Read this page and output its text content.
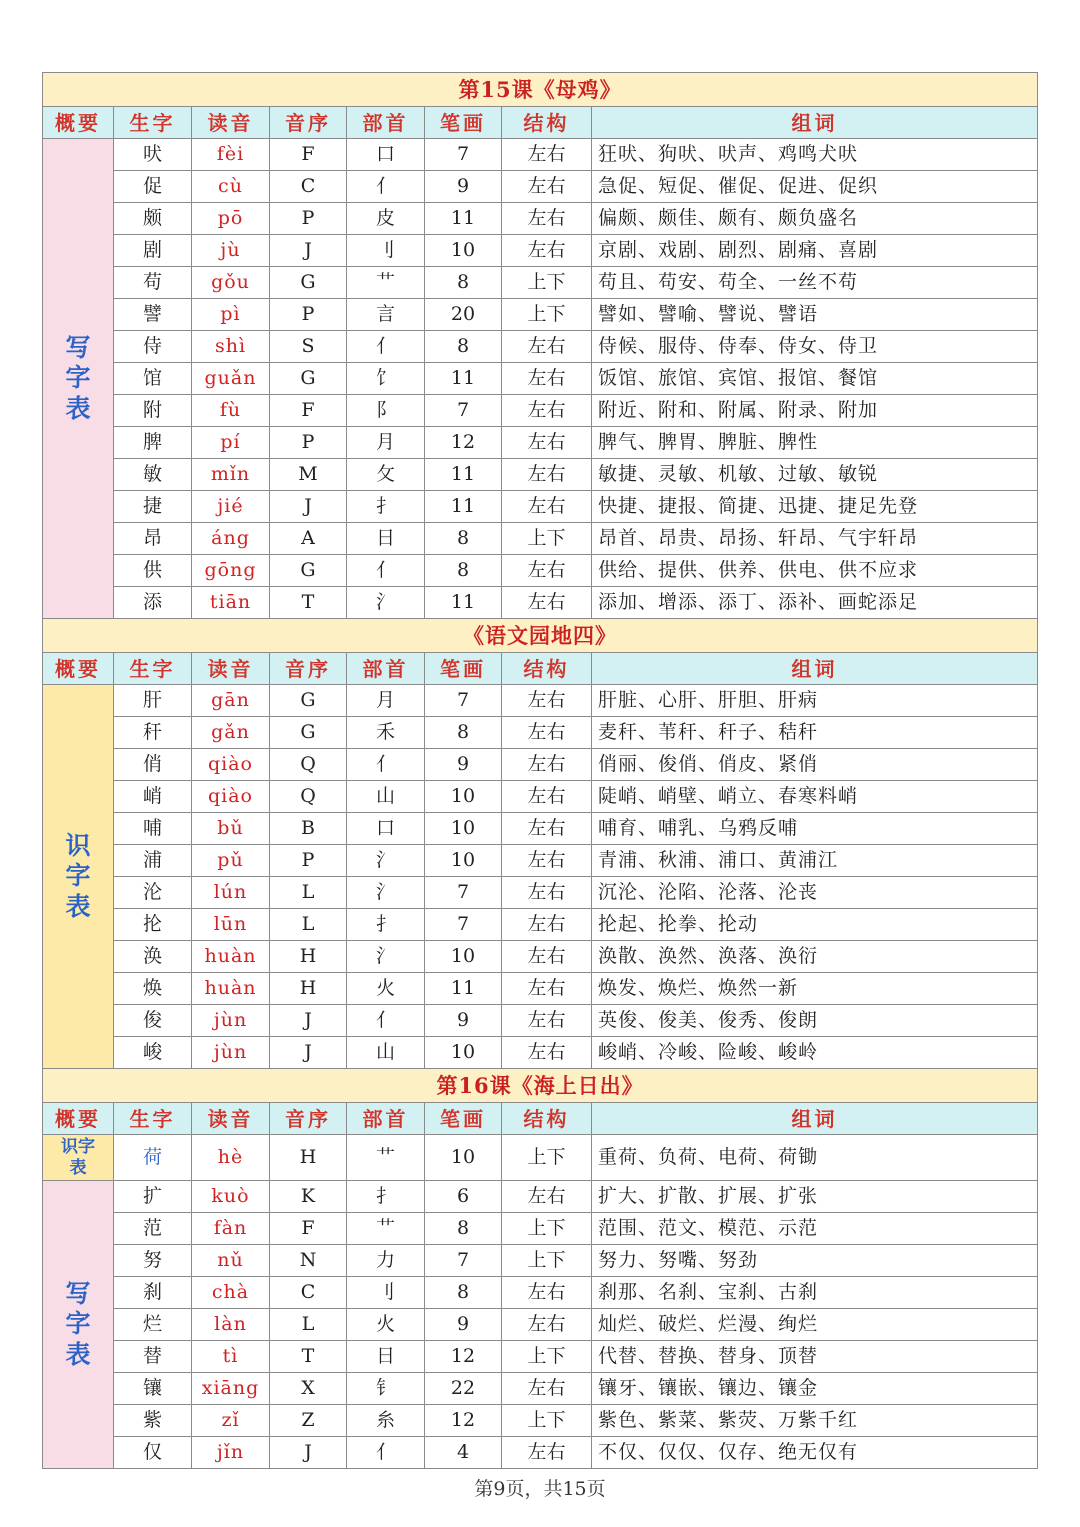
第15课《母鸡》							
概要	生字	读音	音序	部首	笔画	结构	组词
写字表	吠	fèi	F	口	7	左右	狂吠、狗吠、吠声、鸡鸣犬吠
	促	cù	C	亻	9	左右	急促、短促、催促、促进、促织
	颇	pō	P	皮	11	左右	偏颇、颇佳、颇有、颇负盛名
	剧	jù	J	刂	10	左右	京剧、戏剧、剧烈、剧痛、喜剧
	苟	gǒu	G	艹	8	上下	苟且、苟安、苟全、一丝不苟
	譬	pì	P	言	20	上下	譬如、譬喻、譬说、譬语
	侍	shì	S	亻	8	左右	侍候、服侍、侍奉、侍女、侍卫
	馆	guǎn	G	饣	11	左右	饭馆、旅馆、宾馆、报馆、餐馆
	附	fù	F	阝	7	左右	附近、附和、附属、附录、附加
	脾	pí	P	月	12	左右	脾气、脾胃、脾脏、脾性
	敏	mǐn	M	攵	11	左右	敏捷、灵敏、机敏、过敏、敏锐
	捷	jié	J	扌	11	左右	快捷、捷报、简捷、迅捷、捷足先登
	昂	áng	A	日	8	上下	昂首、昂贵、昂扬、轩昂、气宇轩昂
	供	gōng	G	亻	8	左右	供给、提供、供养、供电、供不应求
	添	tiān	T	氵	11	左右	添加、增添、添丁、添补、画蛇添足
《语文园地四》							
概要	生字	读音	音序	部首	笔画	结构	组词
识字表	肝	gān	G	月	7	左右	肝脏、心肝、肝胆、肝病
	秆	gǎn	G	禾	8	左右	麦秆、苇秆、秆子、秸秆
	俏	qiào	Q	亻	9	左右	俏丽、俊俏、俏皮、紧俏
	峭	qiào	Q	山	10	左右	陡峭、峭壁、峭立、春寒料峭
	哺	bǔ	B	口	10	左右	哺育、哺乳、乌鸦反哺
	浦	pǔ	P	氵	10	左右	青浦、秋浦、浦口、黄浦江
	沦	lún	L	氵	7	左右	沉沦、沦陷、沦落、沦丧
	抡	lūn	L	扌	7	左右	抡起、抡拳、抡动
	涣	huàn	H	氵	10	左右	涣散、涣然、涣落、涣衍
	焕	huàn	H	火	11	左右	焕发、焕烂、焕然一新
	俊	jùn	J	亻	9	左右	英俊、俊美、俊秀、俊朗
	峻	jùn	J	山	10	左右	峻峭、冷峻、险峻、峻岭
第16课《海上日出》							
概要	生字	读音	音序	部首	笔画	结构	组词
识字表	荷	hè	H	艹	10	上下	重荷、负荷、电荷、荷锄
写字表	扩	kuò	K	扌	6	左右	扩大、扩散、扩展、扩张
	范	fàn	F	艹	8	上下	范围、范文、模范、示范
	努	nǔ	N	力	7	上下	努力、努嘴、努劲
	刹	chà	C	刂	8	左右	刹那、名刹、宝刹、古刹
	烂	làn	L	火	9	左右	灿烂、破烂、烂漫、绚烂
	替	tì	T	日	12	上下	代替、替换、替身、顶替
	镶	xiāng	X	钅	22	左右	镶牙、镶嵌、镶边、镶金
	紫	zǐ	Z	糸	12	上下	紫色、紫菜、紫荧、万紫千红
	仅	jǐn	J	亻	4	左右	不仅、仅仅、仅存、绝无仅有
第9页，共15页
